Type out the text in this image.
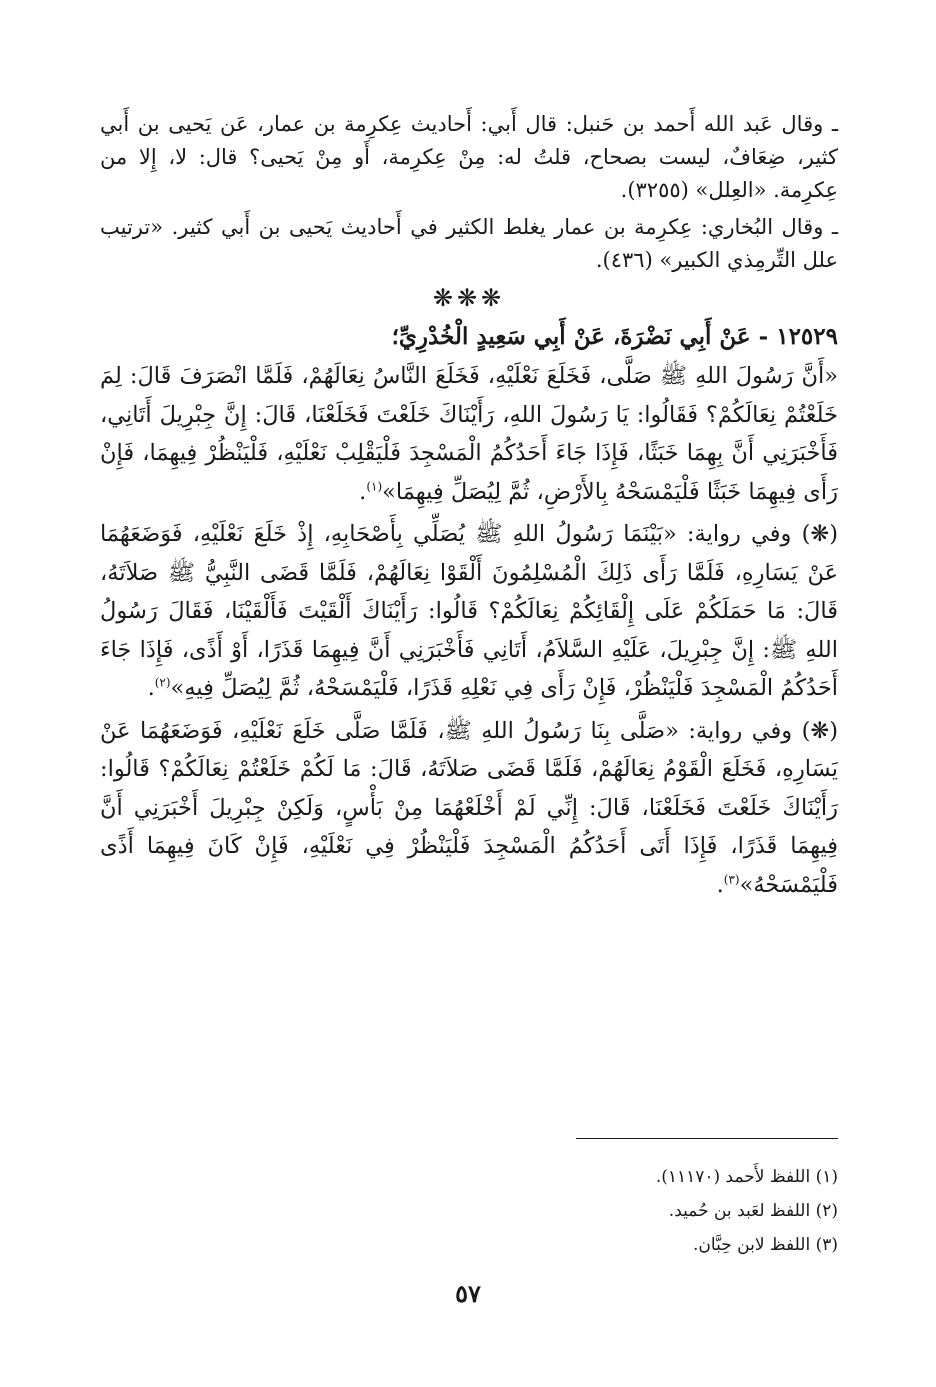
ـ وقال عَبد الله أَحمد بن حَنبل: قال أَبي: أَحاديث عِكرِمة بن عمار، عَن يَحيى بن أَبي كثير، ضِعَافٌ، ليست بصحاح، قلتُ له: مِنْ عِكرِمة، أَو مِنْ يَحيى؟ قال: لا، إِلا من عِكرِمة. «العِلل» (٣٢٥٥).

ـ وقال البُخاري: عِكرِمة بن عمار يغلط الكثير في أَحاديث يَحيى بن أَبي كثير. «ترتيب علل التِّرمِذي الكبير» (٤٣٦).

❋❋❋
١٢٥٢٩ - عَنْ أَبِي نَضْرَةَ، عَنْ أَبِي سَعِيدٍ الْخُدْرِيِّ؛

«أَنَّ رَسُولَ اللهِ ﷺ صَلَّى، فَخَلَعَ نَعْلَيْهِ، فَخَلَعَ النَّاسُ نِعَالَهُمْ، فَلَمَّا انْصَرَفَ قَالَ: لِمَ خَلَعْتُمْ نِعَالَكُمْ؟ فَقَالُوا: يَا رَسُولَ اللهِ، رَأَيْنَاكَ خَلَعْتَ فَخَلَعْنَا، قَالَ: إِنَّ جِبْرِيلَ أَتَانِي، فَأَخْبَرَنِي أَنَّ بِهِمَا خَبَثًا، فَإِذَا جَاءَ أَحَدُكُمُ الْمَسْجِدَ فَلْيَقْلِبْ نَعْلَيْهِ، فَلْيَنْظُرْ فِيهِمَا، فَإِنْ رَأَى فِيهِمَا خَبَثًا فَلْيَمْسَحْهُ بِالأَرْضِ، ثُمَّ لِيُصَلِّ فِيهِمَا»$^{(١)}$.

(❋) وفي رواية: «بَيْنَمَا رَسُولُ اللهِ ﷺ يُصَلِّي بِأَصْحَابِهِ، إِذْ خَلَعَ نَعْلَيْهِ، فَوَضَعَهُمَا عَنْ يَسَارِهِ، فَلَمَّا رَأَى ذَلِكَ الْمُسْلِمُونَ أَلْقَوْا نِعَالَهُمْ، فَلَمَّا قَضَى النَّبِيُّ ﷺ صَلاَتَهُ، قَالَ: مَا حَمَلَكُمْ عَلَى إِلْقَائِكُمْ نِعَالَكُمْ؟ قَالُوا: رَأَيْنَاكَ أَلْقَيْتَ فَأَلْقَيْنَا، فَقَالَ رَسُولُ اللهِ ﷺ: إِنَّ جِبْرِيلَ، عَلَيْهِ السَّلاَمُ، أَتَانِي فَأَخْبَرَنِي أَنَّ فِيهِمَا قَذَرًا، أَوْ أَذًى، فَإِذَا جَاءَ أَحَدُكُمُ الْمَسْجِدَ فَلْيَنْظُرْ، فَإِنْ رَأَى فِي نَعْلِهِ قَذَرًا، فَلْيَمْسَحْهُ، ثُمَّ لِيُصَلِّ فِيهِ»$^{(٢)}$.

(❋) وفي رواية: «صَلَّى بِنَا رَسُولُ اللهِ ﷺ، فَلَمَّا صَلَّى خَلَعَ نَعْلَيْهِ، فَوَضَعَهُمَا عَنْ يَسَارِهِ، فَخَلَعَ الْقَوْمُ نِعَالَهُمْ، فَلَمَّا قَضَى صَلاَتَهُ، قَالَ: مَا لَكُمْ خَلَعْتُمْ نِعَالَكُمْ؟ قَالُوا: رَأَيْنَاكَ خَلَعْتَ فَخَلَعْنَا، قَالَ: إِنِّي لَمْ أَخْلَعْهُمَا مِنْ بَأْسٍ، وَلَكِنْ جِبْرِيلَ أَخْبَرَنِي أَنَّ فِيهِمَا قَذَرًا، فَإِذَا أَتَى أَحَدُكُمُ الْمَسْجِدَ فَلْيَنْظُرْ فِي نَعْلَيْهِ، فَإِنْ كَانَ فِيهِمَا أَذًى فَلْيَمْسَحْهُ»$^{(٣)}$.

(١) اللفظ لأَحمد (١١١٧٠).
(٢) اللفظ لعَبد بن حُميد.
(٣) اللفظ لابن حِبَّان.
٥٧
